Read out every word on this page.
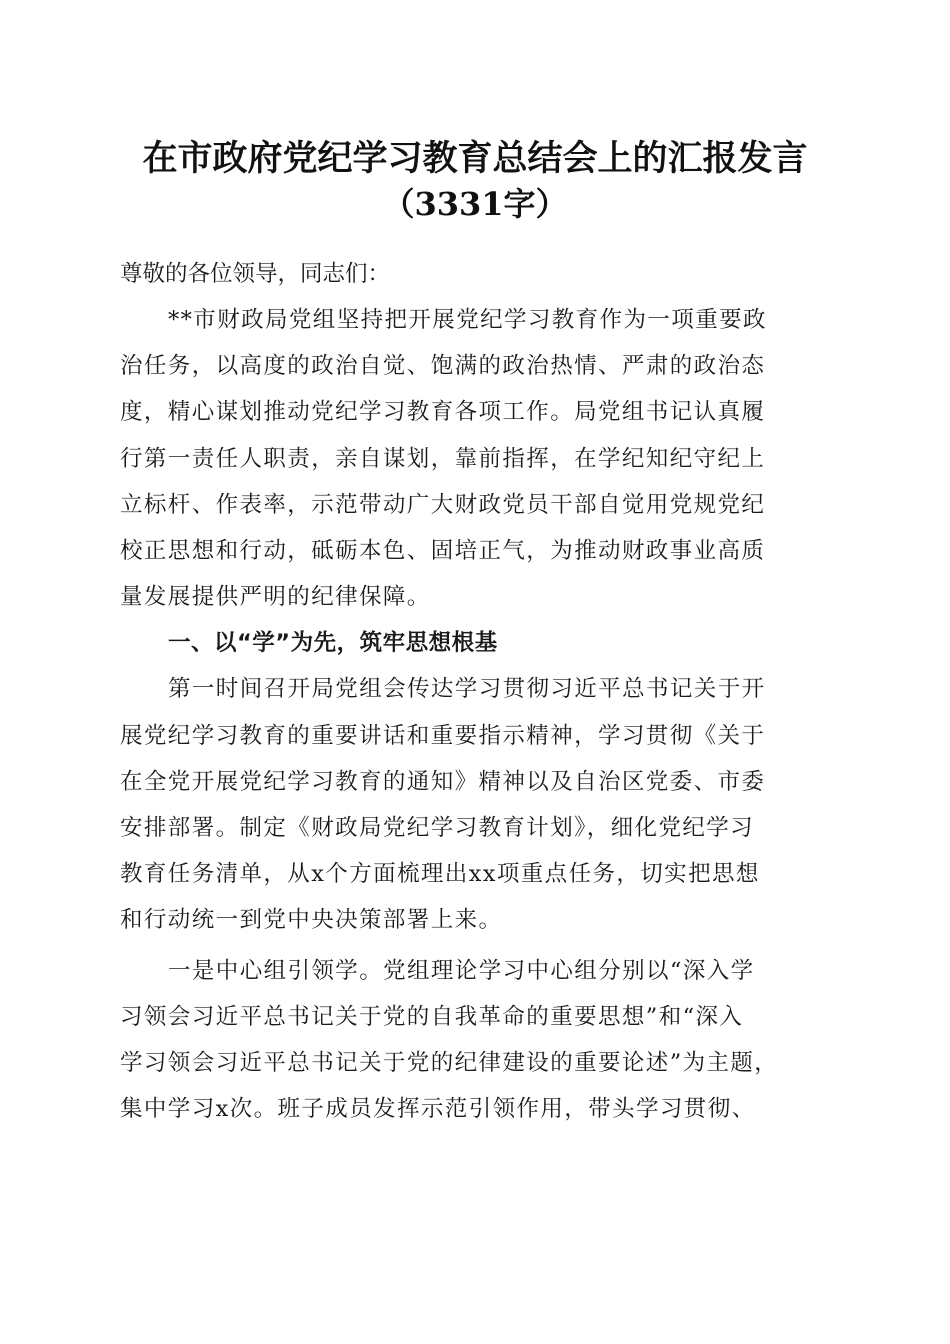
在市政府党纪学习教育总结会上的汇报发言
（3331字）

尊敬的各位领导，同志们：

**市财政局党组坚持把开展党纪学习教育作为一项重要政
治任务，以高度的政治自觉、饱满的政治热情、严肃的政治态
度，精心谋划推动党纪学习教育各项工作。局党组书记认真履
行第一责任人职责，亲自谋划，靠前指挥，在学纪知纪守纪上
立标杆、作表率，示范带动广大财政党员干部自觉用党规党纪
校正思想和行动，砥砺本色、固培正气，为推动财政事业高质
量发展提供严明的纪律保障。

一、以“学”为先，筑牢思想根基

第一时间召开局党组会传达学习贯彻习近平总书记关于开
展党纪学习教育的重要讲话和重要指示精神，学习贯彻《关于
在全党开展党纪学习教育的通知》精神以及自治区党委、市委
安排部署。制定《财政局党纪学习教育计划》，细化党纪学习
教育任务清单，从x个方面梳理出xx项重点任务，切实把思想
和行动统一到党中央决策部署上来。

一是中心组引领学。党组理论学习中心组分别以“深入学
习领会习近平总书记关于党的自我革命的重要思想”和“深入
学习领会习近平总书记关于党的纪律建设的重要论述”为主题，
集中学习x次。班子成员发挥示范引领作用，带头学习贯彻、
